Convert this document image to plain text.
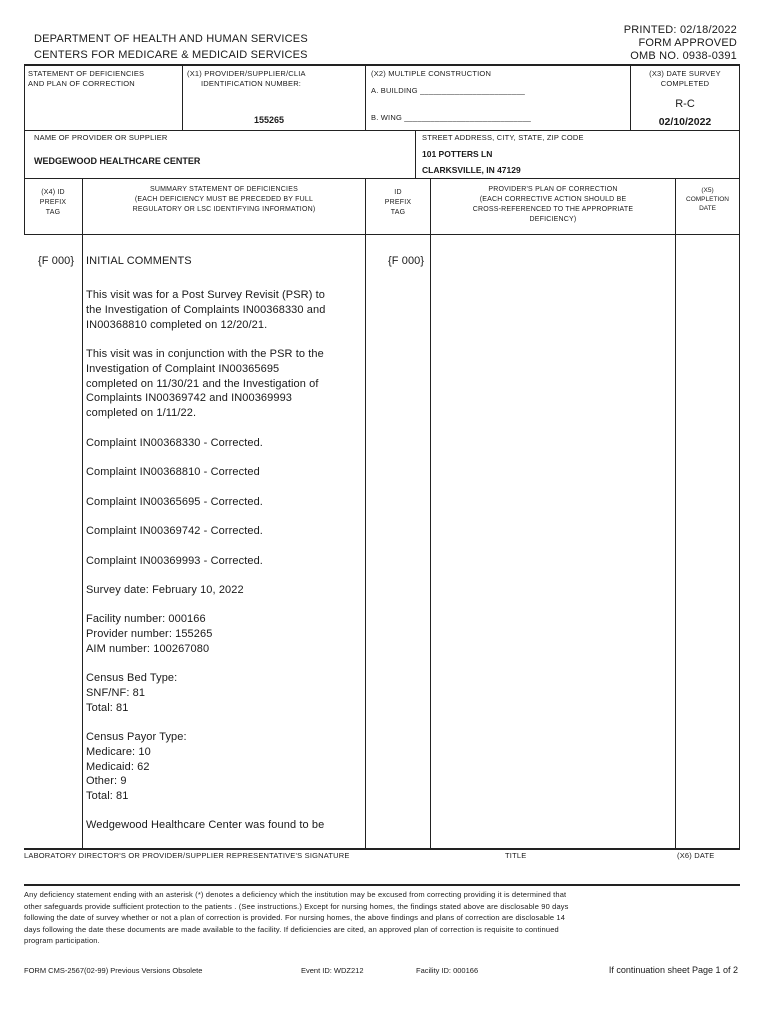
DEPARTMENT OF HEALTH AND HUMAN SERVICES
CENTERS FOR MEDICARE & MEDICAID SERVICES
PRINTED: 02/18/2022
FORM APPROVED
OMB NO. 0938-0391
STATEMENT OF DEFICIENCIES
AND PLAN OF CORRECTION
(X1) PROVIDER/SUPPLIER/CLIA
IDENTIFICATION NUMBER:
155265
(X2) MULTIPLE CONSTRUCTION
A. BUILDING ________________________
B. WING _____________________________
(X3) DATE SURVEY
COMPLETED
R-C
02/10/2022
NAME OF PROVIDER OR SUPPLIER
WEDGEWOOD HEALTHCARE CENTER
STREET ADDRESS, CITY, STATE, ZIP CODE
101 POTTERS LN
CLARKSVILLE, IN 47129
(X4) ID
PREFIX
TAG
SUMMARY STATEMENT OF DEFICIENCIES
(EACH DEFICIENCY MUST BE PRECEDED BY FULL
REGULATORY OR LSC IDENTIFYING INFORMATION)
ID
PREFIX
TAG
PROVIDER'S PLAN OF CORRECTION
(EACH CORRECTIVE ACTION SHOULD BE
CROSS-REFERENCED TO THE APPROPRIATE
DEFICIENCY)
(X5)
COMPLETION
DATE
{F 000}	{F 000}
INITIAL COMMENTS
This visit was for a Post Survey Revisit (PSR) to
the Investigation of Complaints IN00368330 and
IN00368810 completed on 12/20/21.
This visit was in conjunction with the PSR to the
Investigation of Complaint IN00365695
completed on 11/30/21 and the Investigation of
Complaints IN00369742 and IN00369993
completed on 1/11/22.
Complaint IN00368330 - Corrected.
Complaint IN00368810 - Corrected
Complaint IN00365695 - Corrected.
Complaint IN00369742 - Corrected.
Complaint IN00369993 - Corrected.
Survey date: February 10, 2022
Facility number: 000166
Provider number: 155265
AIM number: 100267080
Census Bed Type:
SNF/NF: 81
Total: 81
Census Payor Type:
Medicare: 10
Medicaid: 62
Other: 9
Total: 81
Wedgewood Healthcare Center was found to be
LABORATORY DIRECTOR'S OR PROVIDER/SUPPLIER REPRESENTATIVE'S SIGNATURE	TITLE	(X6) DATE
Any deficiency statement ending with an asterisk (*) denotes a deficiency which the institution may be excused from correcting providing it is determined that
other safeguards provide sufficient protection to the patients . (See instructions.) Except for nursing homes, the findings stated above are disclosable 90 days
following the date of survey whether or not a plan of correction is provided. For nursing homes, the above findings and plans of correction are disclosable 14
days following the date these documents are made available to the facility. If deficiencies are cited, an approved plan of correction is requisite to continued
program participation.
FORM CMS-2567(02-99) Previous Versions Obsolete	Event ID: WDZ212	Facility ID: 000166	If continuation sheet Page 1 of 2
